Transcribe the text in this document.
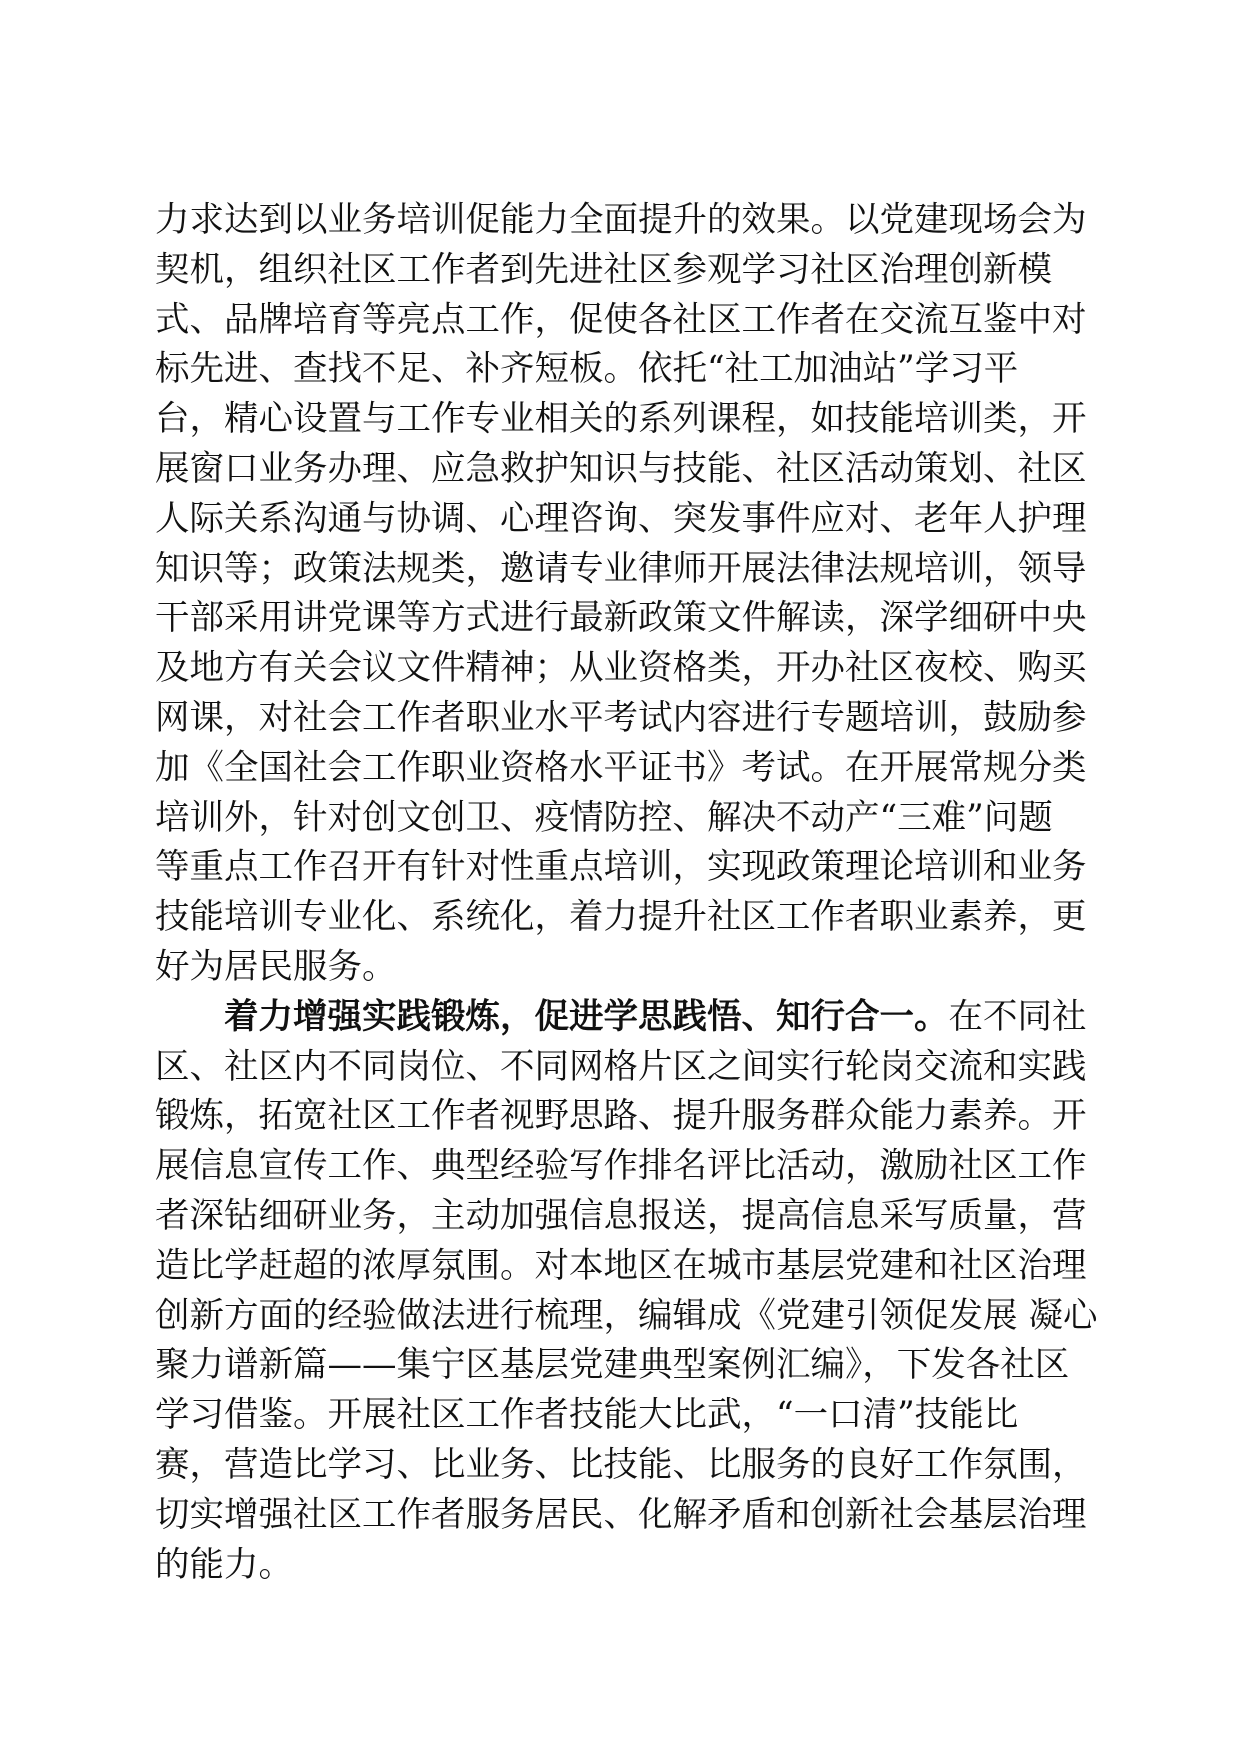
力求达到以业务培训促能力全面提升的效果。以党建现场会为
契机，组织社区工作者到先进社区参观学习社区治理创新模
式、品牌培育等亮点工作，促使各社区工作者在交流互鉴中对
标先进、查找不足、补齐短板。依托“社工加油站”学习平
台，精心设置与工作专业相关的系列课程，如技能培训类，开
展窗口业务办理、应急救护知识与技能、社区活动策划、社区
人际关系沟通与协调、心理咨询、突发事件应对、老年人护理
知识等；政策法规类，邀请专业律师开展法律法规培训，领导
干部采用讲党课等方式进行最新政策文件解读，深学细研中央
及地方有关会议文件精神；从业资格类，开办社区夜校、购买
网课，对社会工作者职业水平考试内容进行专题培训，鼓励参
加《全国社会工作职业资格水平证书》考试。在开展常规分类
培训外，针对创文创卫、疫情防控、解决不动产“三难”问题
等重点工作召开有针对性重点培训，实现政策理论培训和业务
技能培训专业化、系统化，着力提升社区工作者职业素养，更
好为居民服务。
着力增强实践锻炼，促进学思践悟、知行合一。在不同社
区、社区内不同岗位、不同网格片区之间实行轮岗交流和实践
锻炼，拓宽社区工作者视野思路、提升服务群众能力素养。开
展信息宣传工作、典型经验写作排名评比活动，激励社区工作
者深钻细研业务，主动加强信息报送，提高信息采写质量，营
造比学赶超的浓厚氛围。对本地区在城市基层党建和社区治理
创新方面的经验做法进行梳理，编辑成《党建引领促发展 凝心
聚力谱新篇——集宁区基层党建典型案例汇编》，下发各社区
学习借鉴。开展社区工作者技能大比武，“一口清”技能比
赛，营造比学习、比业务、比技能、比服务的良好工作氛围，
切实增强社区工作者服务居民、化解矛盾和创新社会基层治理
的能力。
